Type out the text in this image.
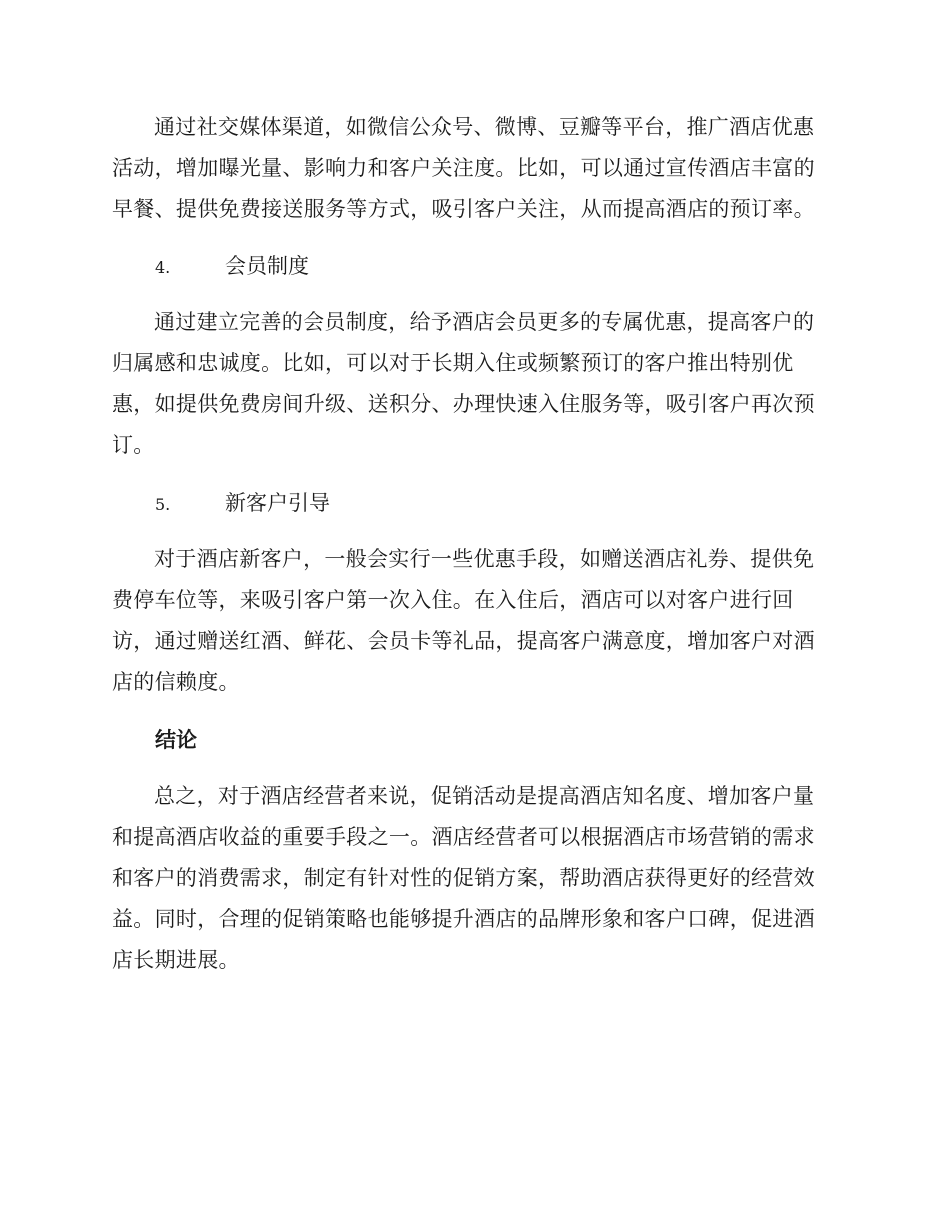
通过社交媒体渠道，如微信公众号、微博、豆瓣等平台，推广酒店优惠活动，增加曝光量、影响力和客户关注度。比如，可以通过宣传酒店丰富的早餐、提供免费接送服务等方式，吸引客户关注，从而提高酒店的预订率。

4.	会员制度

通过建立完善的会员制度，给予酒店会员更多的专属优惠，提高客户的归属感和忠诚度。比如，可以对于长期入住或频繁预订的客户推出特别优惠，如提供免费房间升级、送积分、办理快速入住服务等，吸引客户再次预订。

5.	新客户引导

对于酒店新客户，一般会实行一些优惠手段，如赠送酒店礼券、提供免费停车位等，来吸引客户第一次入住。在入住后，酒店可以对客户进行回访，通过赠送红酒、鲜花、会员卡等礼品，提高客户满意度，增加客户对酒店的信赖度。

结论

总之，对于酒店经营者来说，促销活动是提高酒店知名度、增加客户量和提高酒店收益的重要手段之一。酒店经营者可以根据酒店市场营销的需求和客户的消费需求，制定有针对性的促销方案，帮助酒店获得更好的经营效益。同时，合理的促销策略也能够提升酒店的品牌形象和客户口碑，促进酒店长期进展。
